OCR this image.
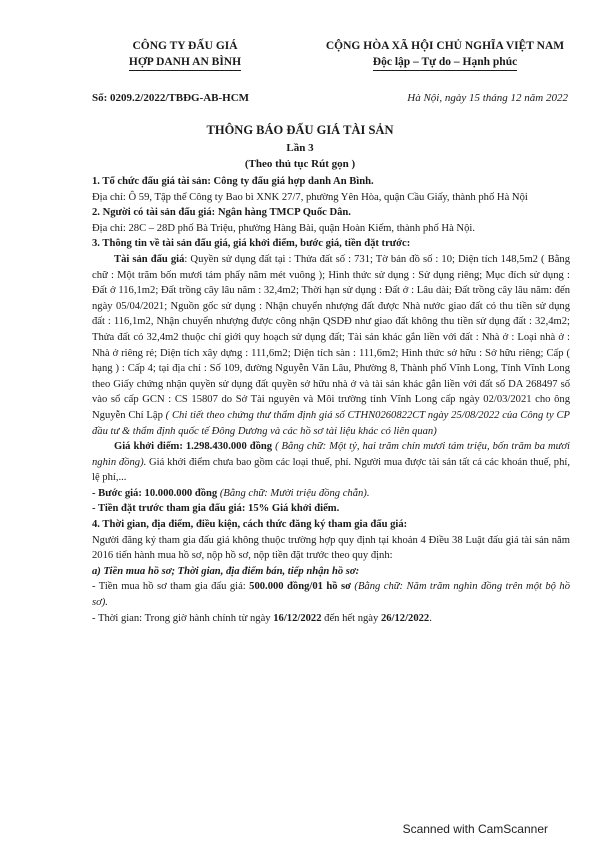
CÔNG TY ĐẤU GIÁ
HỢP DANH AN BÌNH
CỘNG HÒA XÃ HỘI CHỦ NGHĨA VIỆT NAM
Độc lập – Tự do – Hạnh phúc
Số: 0209.2/2022/TBĐG-AB-HCM	Hà Nội, ngày 15 tháng 12 năm 2022
THÔNG BÁO ĐẤU GIÁ TÀI SẢN
Lần 3
(Theo thủ tục Rút gọn )

1. Tổ chức đấu giá tài sản: Công ty đấu giá hợp danh An Bình.

Địa chỉ: Ô 59, Tập thể Công ty Bao bì XNK 27/7, phường Yên Hòa, quận Cầu Giấy, thành phố Hà Nội

2. Người có tài sản đấu giá: Ngân hàng TMCP Quốc Dân.

Địa chỉ: 28C – 28D phố Bà Triệu, phường Hàng Bài, quận Hoàn Kiếm, thành phố Hà Nội.

3. Thông tin về tài sản đấu giá, giá khởi điểm, bước giá, tiền đặt trước:

Tài sản đấu giá: Quyền sử dụng đất tại : Thửa đất số : 731; Tờ bản đồ số : 10; Diện tích 148,5m2 ( Bằng chữ : Một trăm bốn mươi tám phẩy năm mét vuông ); Hình thức sử dụng : Sử dụng riêng; Mục đích sử dụng : Đất ở 116,1m2; Đất trồng cây lâu năm : 32,4m2; Thời hạn sử dụng : Đất ở : Lâu dài; Đất trồng cây lâu năm: đến ngày 05/04/2021; Nguồn gốc sử dụng : Nhận chuyển nhượng đất được Nhà nước giao đất có thu tiền sử dụng đất : 116,1m2, Nhận chuyển nhượng được công nhận QSDĐ như giao đất không thu tiền sử dụng đất : 32,4m2; Thửa đất có 32,4m2 thuộc chỉ giới quy hoạch sử dụng đất; Tài sản khác gắn liền với đất : Nhà ở : Loại nhà ở : Nhà ở riêng rẻ; Diện tích xây dựng : 111,6m2; Diện tích sàn : 111,6m2; Hình thức sở hữu : Sở hữu riêng; Cấp ( hạng ) : Cấp 4; tại địa chỉ : Số 109, đường Nguyễn Văn Lâu, Phường 8, Thành phố Vĩnh Long, Tỉnh Vĩnh Long theo Giấy chứng nhận quyền sử dụng đất quyền sở hữu nhà ở và tài sản khác gắn liền với đất số DA 268497 số vào sổ cấp GCN : CS 15807 do Sở Tài nguyên và Môi trường tỉnh Vĩnh Long cấp ngày 02/03/2021 cho ông Nguyễn Chí Lập ( Chi tiết theo chứng thư thẩm định giá số CTHN0260822CT ngày 25/08/2022 của Công ty CP đầu tư & thẩm định quốc tế Đông Dương và các hồ sơ tài liệu khác có liên quan)

Giá khởi điểm: 1.298.430.000 đồng ( Bằng chữ: Một tỷ, hai trăm chín mươi tám triệu, bốn trăm ba mươi nghìn đồng). Giá khởi điểm chưa bao gồm các loại thuế, phí. Người mua được tài sản tất cả các khoản thuế, phí, lệ phí,...

- Bước giá: 10.000.000 đồng (Bằng chữ: Mười triệu đồng chẵn).

- Tiền đặt trước tham gia đấu giá: 15% Giá khởi điểm.

4. Thời gian, địa điểm, điều kiện, cách thức đăng ký tham gia đấu giá:

Người đăng ký tham gia đấu giá không thuộc trường hợp quy định tại khoản 4 Điều 38 Luật đấu giá tài sản năm 2016 tiến hành mua hồ sơ, nộp hồ sơ, nộp tiền đặt trước theo quy định:

a) Tiền mua hồ sơ; Thời gian, địa điểm bán, tiếp nhận hồ sơ:

- Tiền mua hồ sơ tham gia đấu giá: 500.000 đồng/01 hồ sơ (Bằng chữ: Năm trăm nghìn đồng trên một bộ hồ sơ).

- Thời gian: Trong giờ hành chính từ ngày 16/12/2022 đến hết ngày 26/12/2022.

Scanned with CamScanner
